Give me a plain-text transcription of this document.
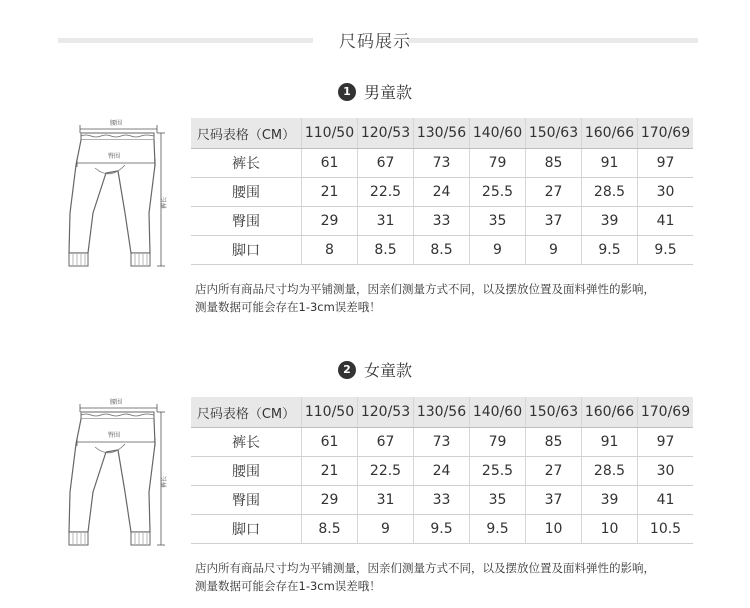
尺码展示
1 男童款
腰围
臀围
裤长
尺码表格（CM）	110/50	120/53	130/56	140/60	150/63	160/66	170/69
裤长	61	67	73	79	85	91	97
腰围	21	22.5	24	25.5	27	28.5	30
臀围	29	31	33	35	37	39	41
脚口	8	8.5	8.5	9	9	9.5	9.5
店内所有商品尺寸均为平铺测量，因亲们测量方式不同，以及摆放位置及面料弹性的影响，
测量数据可能会存在1-3cm误差哦！
2 女童款
腰围
臀围
裤长
尺码表格（CM）	110/50	120/53	130/56	140/60	150/63	160/66	170/69
裤长	61	67	73	79	85	91	97
腰围	21	22.5	24	25.5	27	28.5	30
臀围	29	31	33	35	37	39	41
脚口	8.5	9	9.5	9.5	10	10	10.5
店内所有商品尺寸均为平铺测量，因亲们测量方式不同，以及摆放位置及面料弹性的影响，
测量数据可能会存在1-3cm误差哦！
